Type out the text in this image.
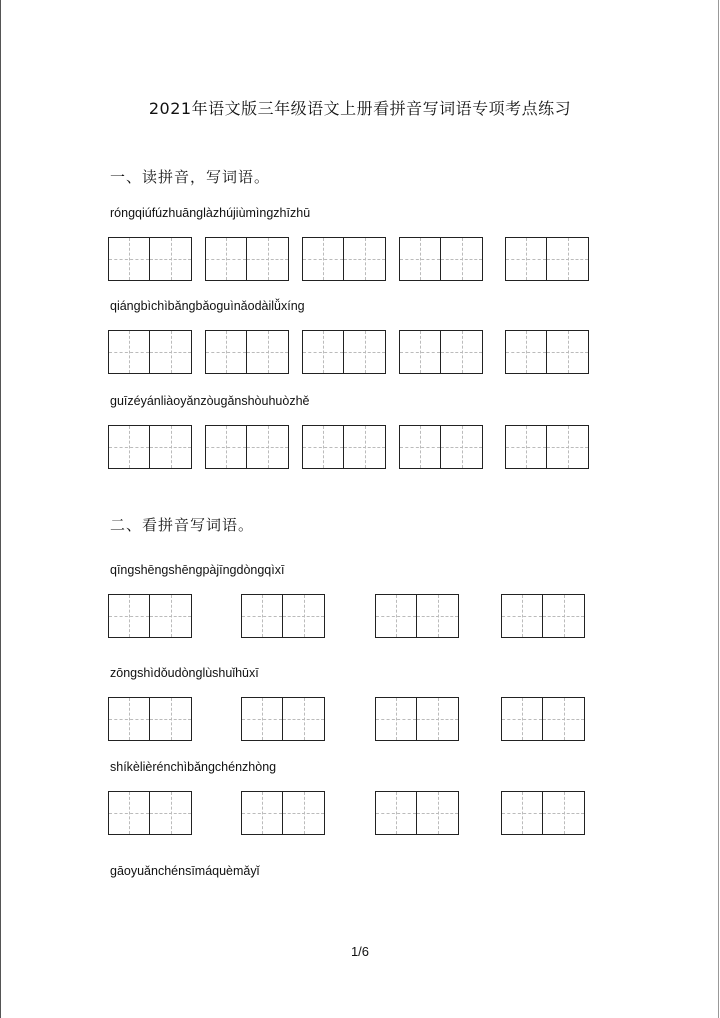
2021年语文版三年级语文上册看拼音写词语专项考点练习
一、读拼音，写词语。
róngqiúfúzhuānglàzhújiùmìngzhīzhū
qiángbìchìbǎngbǎoguìnǎodàilǚxíng
guīzéyánliàoyǎnzòugǎnshòuhuòzhě
二、看拼音写词语。
qīngshēngshēngpàjīngdòngqìxī
zōngshìdǒudònglùshuǐhūxī
shíkèlièrénchìbǎngchénzhòng
gāoyuǎnchénsīmáquèmǎyǐ
1/6
